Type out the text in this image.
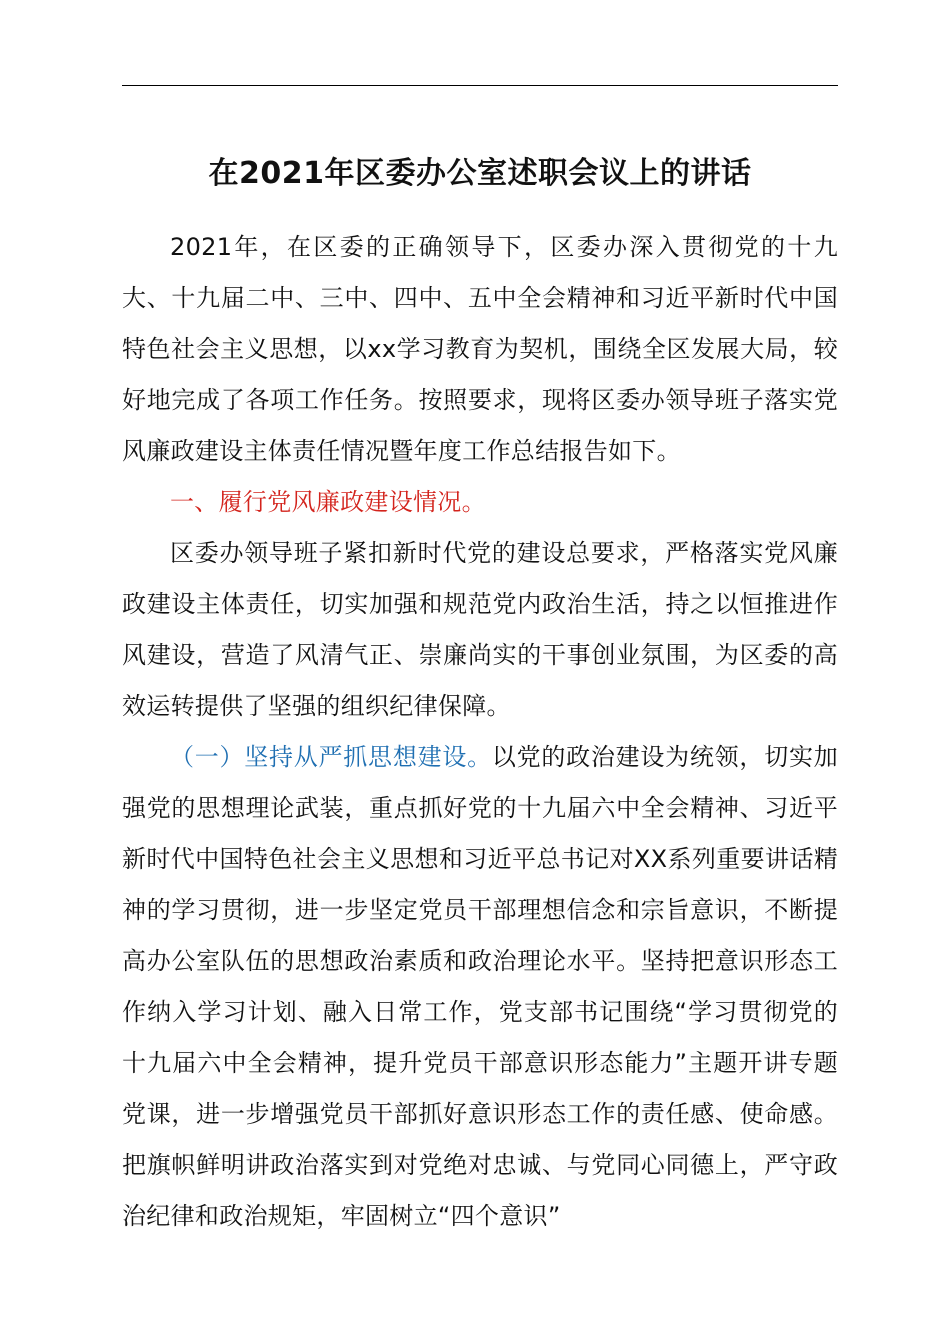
在2021年区委办公室述职会议上的讲话

2021年，在区委的正确领导下，区委办深入贯彻党的十九大、十九届二中、三中、四中、五中全会精神和习近平新时代中国特色社会主义思想，以xx学习教育为契机，围绕全区发展大局，较好地完成了各项工作任务。按照要求，现将区委办领导班子落实党风廉政建设主体责任情况暨年度工作总结报告如下。

一、履行党风廉政建设情况。

区委办领导班子紧扣新时代党的建设总要求，严格落实党风廉政建设主体责任，切实加强和规范党内政治生活，持之以恒推进作风建设，营造了风清气正、崇廉尚实的干事创业氛围，为区委的高效运转提供了坚强的组织纪律保障。

（一）坚持从严抓思想建设。以党的政治建设为统领，切实加强党的思想理论武装，重点抓好党的十九届六中全会精神、习近平新时代中国特色社会主义思想和习近平总书记对XX系列重要讲话精神的学习贯彻，进一步坚定党员干部理想信念和宗旨意识，不断提高办公室队伍的思想政治素质和政治理论水平。坚持把意识形态工作纳入学习计划、融入日常工作，党支部书记围绕“学习贯彻党的十九届六中全会精神，提升党员干部意识形态能力”主题开讲专题党课，进一步增强党员干部抓好意识形态工作的责任感、使命感。把旗帜鲜明讲政治落实到对党绝对忠诚、与党同心同德上，严守政治纪律和政治规矩，牢固树立“四个意识”
